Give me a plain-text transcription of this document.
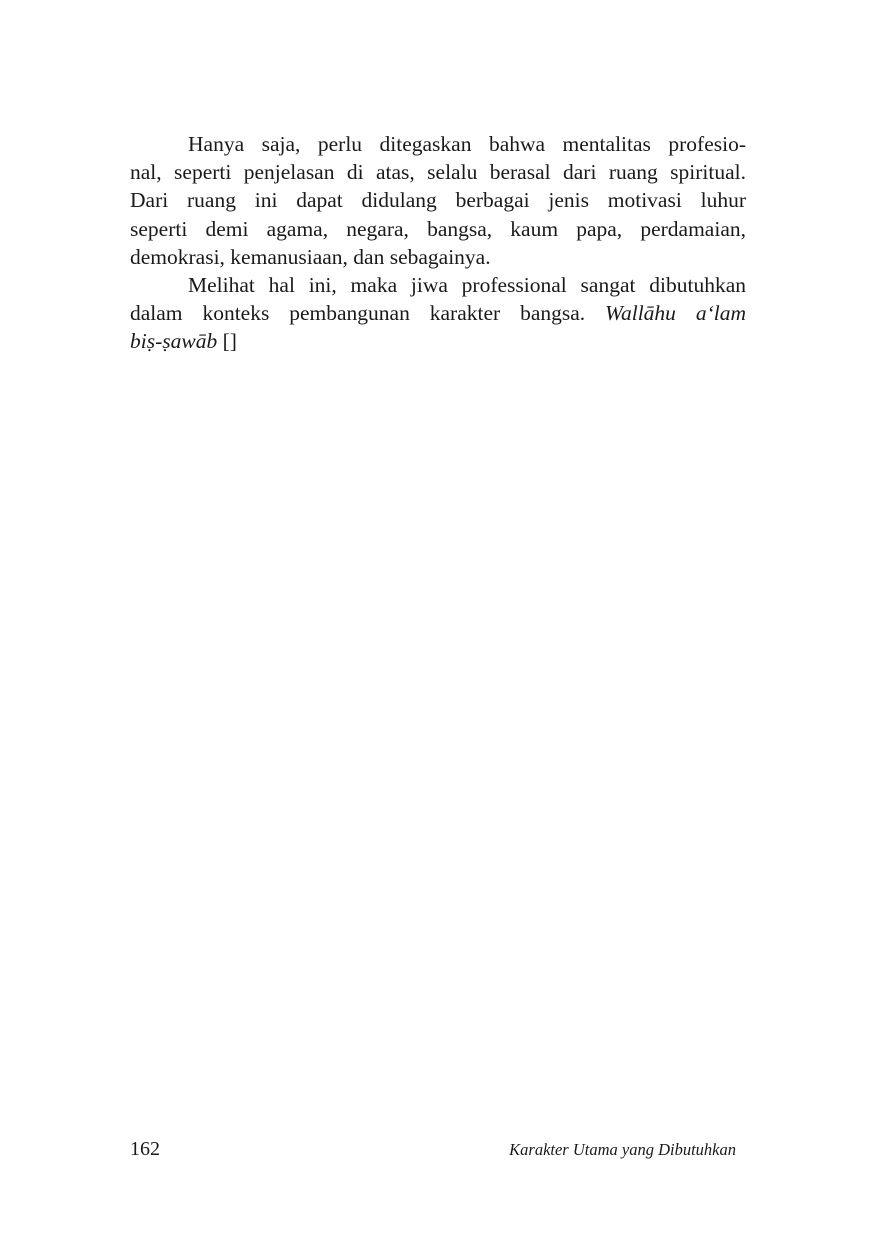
Hanya saja, perlu ditegaskan bahwa mentalitas profesio-
nal, seperti penjelasan di atas, selalu berasal dari ruang spiritual.
Dari ruang ini dapat didulang berbagai jenis motivasi luhur
seperti demi agama, negara, bangsa, kaum papa, perdamaian,
demokrasi, kemanusiaan, dan sebagainya.

Melihat hal ini, maka jiwa professional sangat dibutuhkan
dalam konteks pembangunan karakter bangsa. Wallāhu a‘lam
biṣ-ṣawāb []

162	Karakter Utama yang Dibutuhkan
